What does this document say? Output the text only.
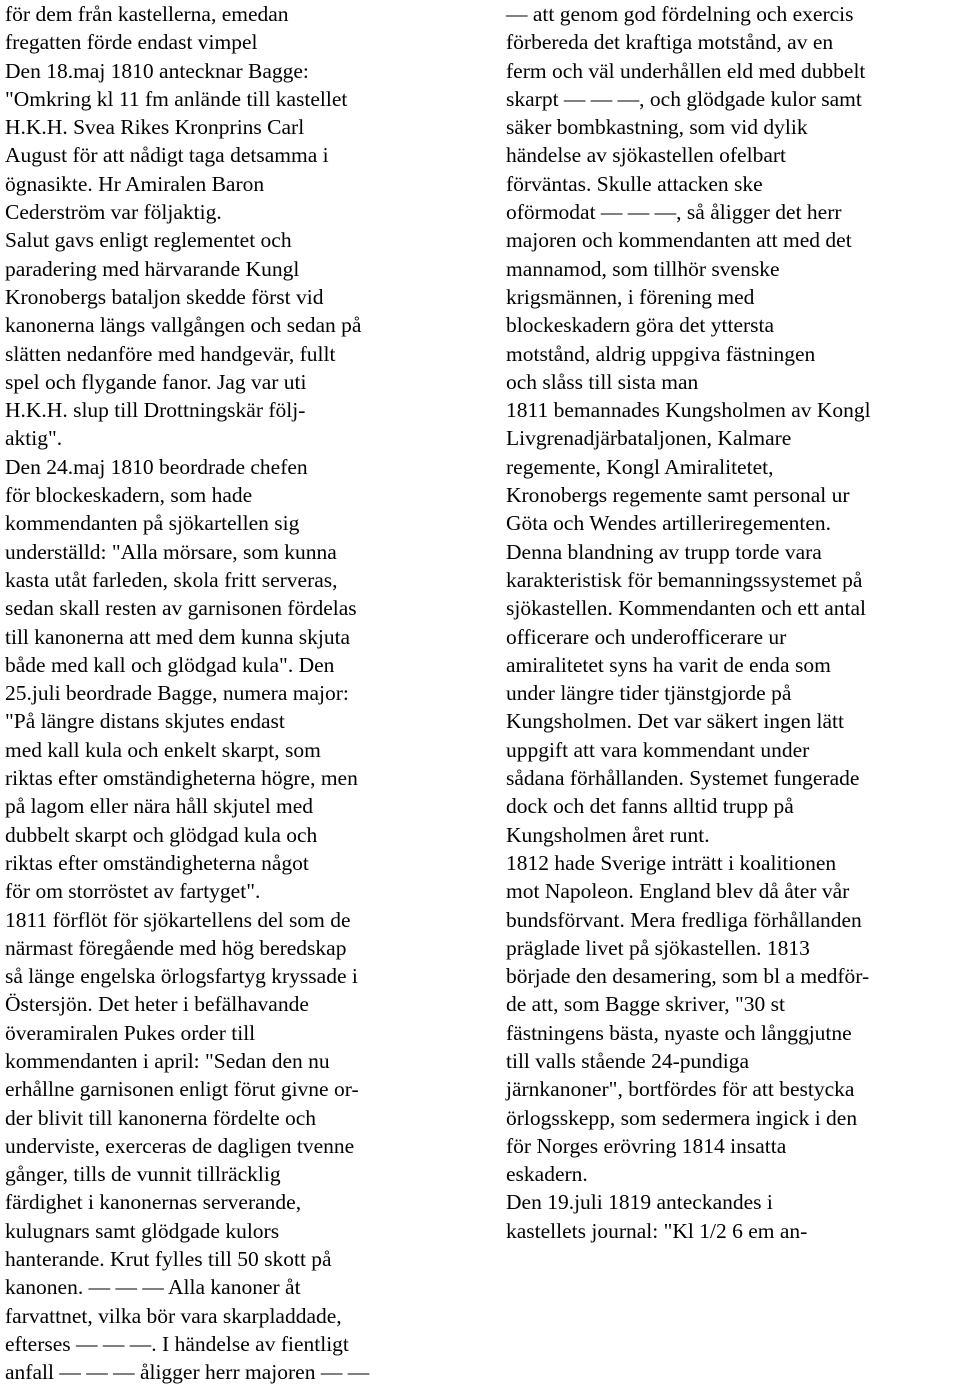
för dem från kastellerna, emedan
fregatten förde endast vimpel
Den 18.maj 1810 antecknar Bagge:
"Omkring kl 11 fm anlände till kastellet
H.K.H. Svea Rikes Kronprins Carl
August för att nådigt taga detsamma i
ögnasikte. Hr Amiralen Baron
Cederström var följaktig.
Salut gavs enligt reglementet och
paradering med härvarande Kungl
Kronobergs bataljon skedde först vid
kanonerna längs vallgången och sedan på
slätten nedanföre med handgevär, fullt
spel och flygande fanor. Jag var uti
H.K.H. slup till Drottningskär följ-
aktig".
Den 24.maj 1810 beordrade chefen
för blockeskadern, som hade
kommendanten på sjökartellen sig
underställd: "Alla mörsare, som kunna
kasta utåt farleden, skola fritt serveras,
sedan skall resten av garnisonen fördelas
till kanonerna att med dem kunna skjuta
både med kall och glödgad kula". Den
25.juli beordrade Bagge, numera major:
"På längre distans skjutes endast
med kall kula och enkelt skarpt, som
riktas efter omständigheterna högre, men
på lagom eller nära håll skjutel med
dubbelt skarpt och glödgad kula och
riktas efter omständigheterna något
för om storröstet av fartyget".
1811 förflöt för sjökartellens del som de
närmast föregående med hög beredskap
så länge engelska örlogsfartyg kryssade i
Östersjön. Det heter i befälhavande
överamiralen Pukes order till
kommendanten i april: "Sedan den nu
erhållne garnisonen enligt förut givne or-
der blivit till kanonerna fördelte och
underviste, exerceras de dagligen tvenne
gånger, tills de vunnit tillräcklig
färdighet i kanonernas serverande,
kulugnars samt glödgade kulors
hanterande. Krut fylles till 50 skott på
kanonen. — — — Alla kanoner åt
farvattnet, vilka bör vara skarpladdade,
efterses — — —. I händelse av fientligt
anfall — — — åligger herr majoren — —
— att genom god fördelning och exercis
förbereda det kraftiga motstånd, av en
ferm och väl underhållen eld med dubbelt
skarpt — — —, och glödgade kulor samt
säker bombkastning, som vid dylik
händelse av sjökastellen ofelbart
förväntas. Skulle attacken ske
oförmodat — — —, så åligger det herr
majoren och kommendanten att med det
mannamod, som tillhör svenske
krigsmännen, i förening med
blockeskadern göra det yttersta
motstånd, aldrig uppgiva fästningen
och slåss till sista man
1811 bemannades Kungsholmen av Kongl
Livgrenadjärbataljonen, Kalmare
regemente, Kongl Amiralitetet,
Kronobergs regemente samt personal ur
Göta och Wendes artilleriregementen.
Denna blandning av trupp torde vara
karakteristisk för bemanningssystemet på
sjökastellen. Kommendanten och ett antal
officerare och underofficerare ur
amiralitetet syns ha varit de enda som
under längre tider tjänstgjorde på
Kungsholmen. Det var säkert ingen lätt
uppgift att vara kommendant under
sådana förhållanden. Systemet fungerade
dock och det fanns alltid trupp på
Kungsholmen året runt.
1812 hade Sverige inträtt i koalitionen
mot Napoleon. England blev då åter vår
bundsförvant. Mera fredliga förhållanden
präglade livet på sjökastellen. 1813
började den desamering, som bl a medför-
de att, som Bagge skriver, "30 st
fästningens bästa, nyaste och långgjutne
till valls stående 24-pundiga
järnkanoner", bortfördes för att bestycka
örlogsskepp, som sedermera ingick i den
för Norges erövring 1814 insatta
eskadern.
Den 19.juli 1819 anteckandes i
kastellets journal: "Kl 1/2 6 em an-
